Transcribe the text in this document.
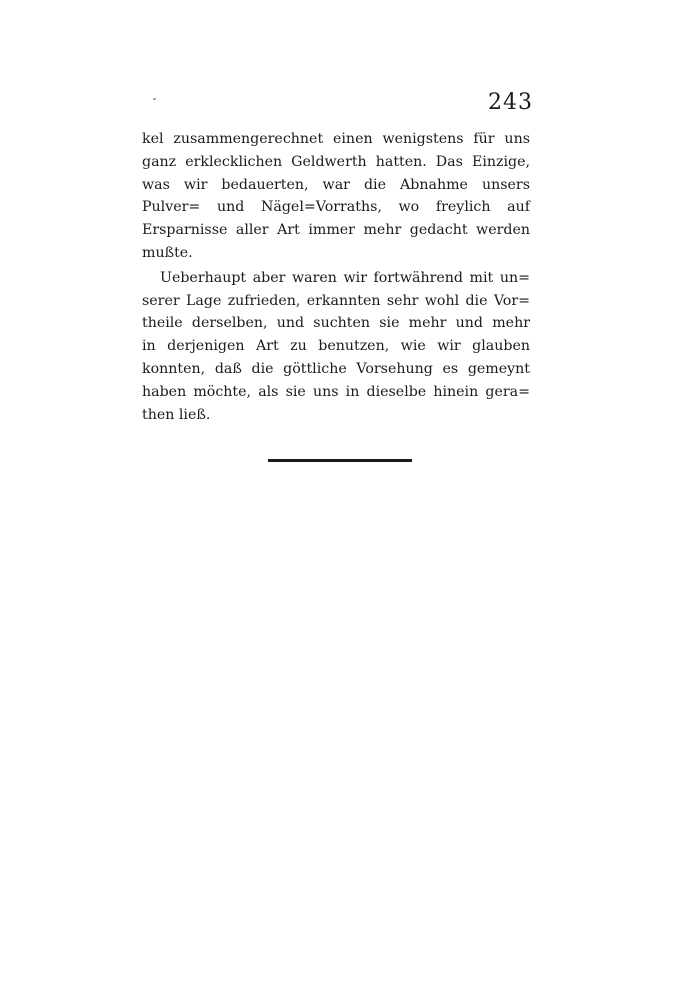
243
kel zusammengerechnet einen wenigstens für uns
ganz erklecklichen Geldwerth hatten. Das Einzige,
was wir bedauerten, war die Abnahme unsers
Pulver= und Nägel=Vorraths, wo freylich auf
Ersparnisse aller Art immer mehr gedacht werden
mußte.
Ueberhaupt aber waren wir fortwährend mit un=
serer Lage zufrieden, erkannten sehr wohl die Vor=
theile derselben, und suchten sie mehr und mehr
in derjenigen Art zu benutzen, wie wir glauben
konnten, daß die göttliche Vorsehung es gemeynt
haben möchte, als sie uns in dieselbe hinein gera=
then ließ.
